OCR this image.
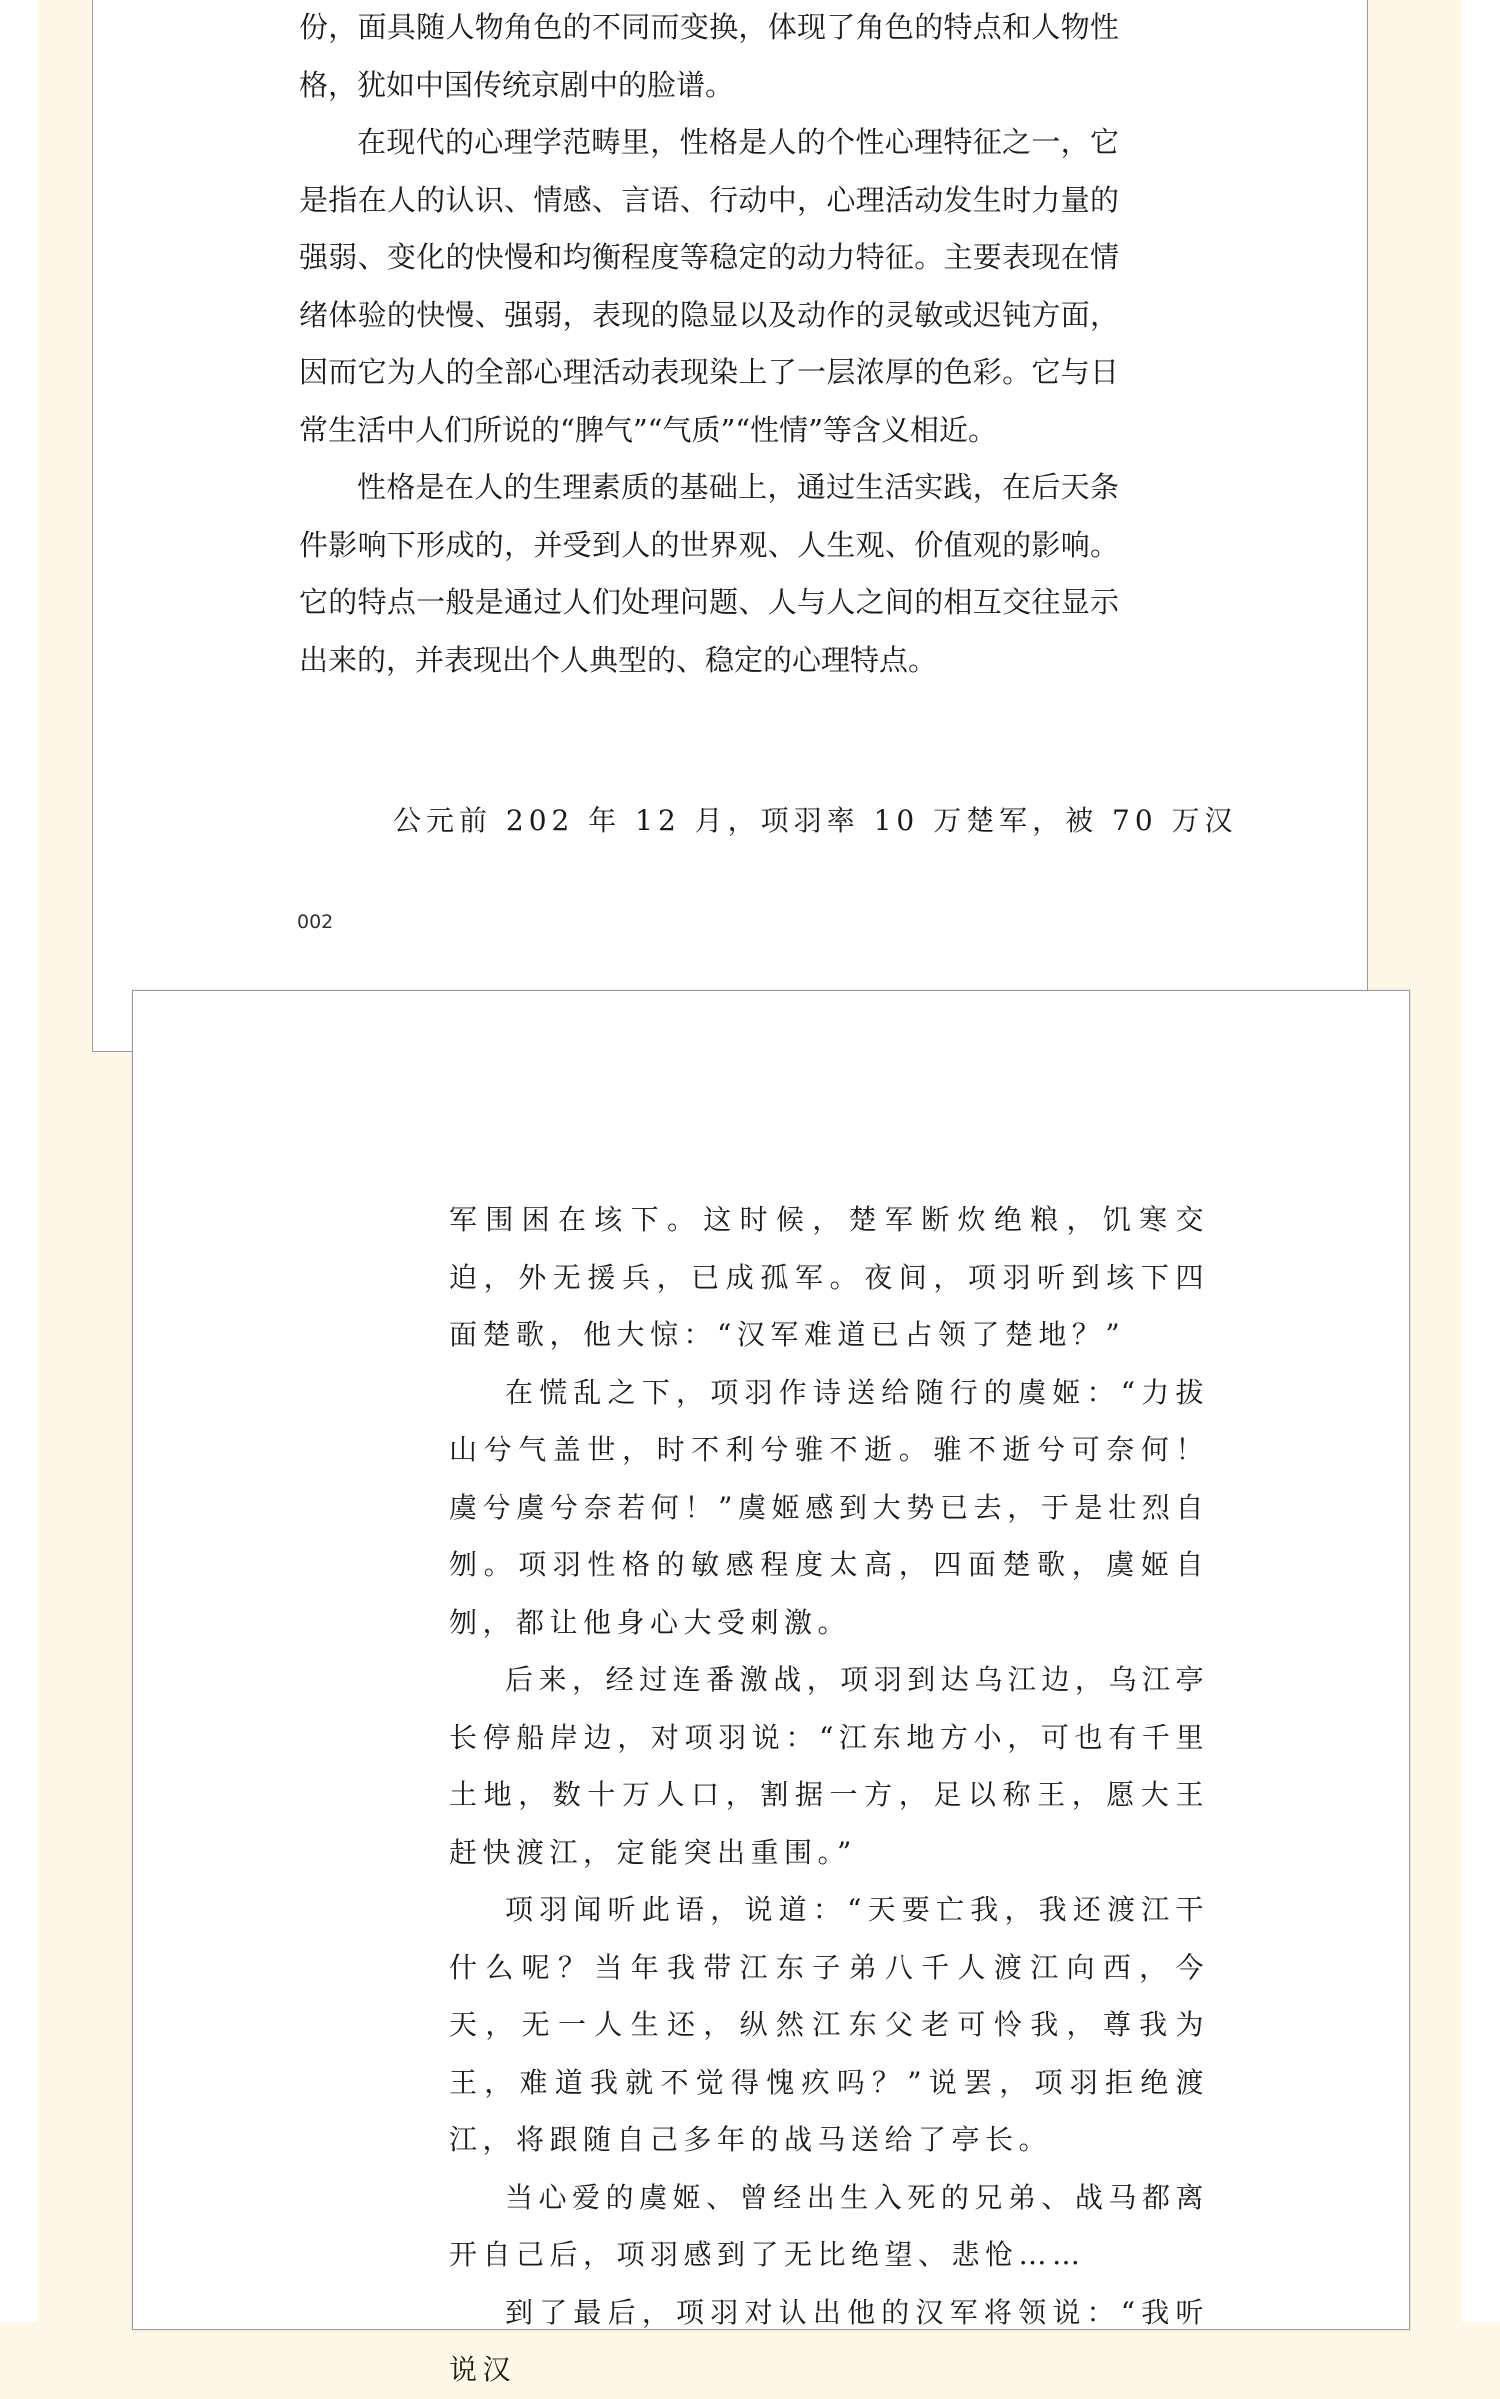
份，面具随人物角色的不同而变换，体现了角色的特点和人物性格，犹如中国传统京剧中的脸谱。

在现代的心理学范畴里，性格是人的个性心理特征之一，它是指在人的认识、情感、言语、行动中，心理活动发生时力量的强弱、变化的快慢和均衡程度等稳定的动力特征。主要表现在情绪体验的快慢、强弱，表现的隐显以及动作的灵敏或迟钝方面，因而它为人的全部心理活动表现染上了一层浓厚的色彩。它与日常生活中人们所说的“脾气”“气质”“性情”等含义相近。

性格是在人的生理素质的基础上，通过生活实践，在后天条件影响下形成的，并受到人的世界观、人生观、价值观的影响。它的特点一般是通过人们处理问题、人与人之间的相互交往显示出来的，并表现出个人典型的、稳定的心理特点。

公元前 202 年 12 月，项羽率 10 万楚军，被 70 万汉
002

军围困在垓下。这时候，楚军断炊绝粮，饥寒交迫，外无援兵，已成孤军。夜间，项羽听到垓下四面楚歌，他大惊：“汉军难道已占领了楚地？”

在慌乱之下，项羽作诗送给随行的虞姬：“力拔山兮气盖世，时不利兮骓不逝。骓不逝兮可奈何！虞兮虞兮奈若何！”虞姬感到大势已去，于是壮烈自刎。项羽性格的敏感程度太高，四面楚歌，虞姬自刎，都让他身心大受刺激。

后来，经过连番激战，项羽到达乌江边，乌江亭长停船岸边，对项羽说：“江东地方小，可也有千里土地，数十万人口，割据一方，足以称王，愿大王赶快渡江，定能突出重围。”

项羽闻听此语，说道：“天要亡我，我还渡江干什么呢？当年我带江东子弟八千人渡江向西，今天，无一人生还，纵然江东父老可怜我，尊我为王，难道我就不觉得愧疚吗？”说罢，项羽拒绝渡江，将跟随自己多年的战马送给了亭长。

当心爱的虞姬、曾经出生入死的兄弟、战马都离开自己后，项羽感到了无比绝望、悲怆……

到了最后，项羽对认出他的汉军将领说：“我听说汉
